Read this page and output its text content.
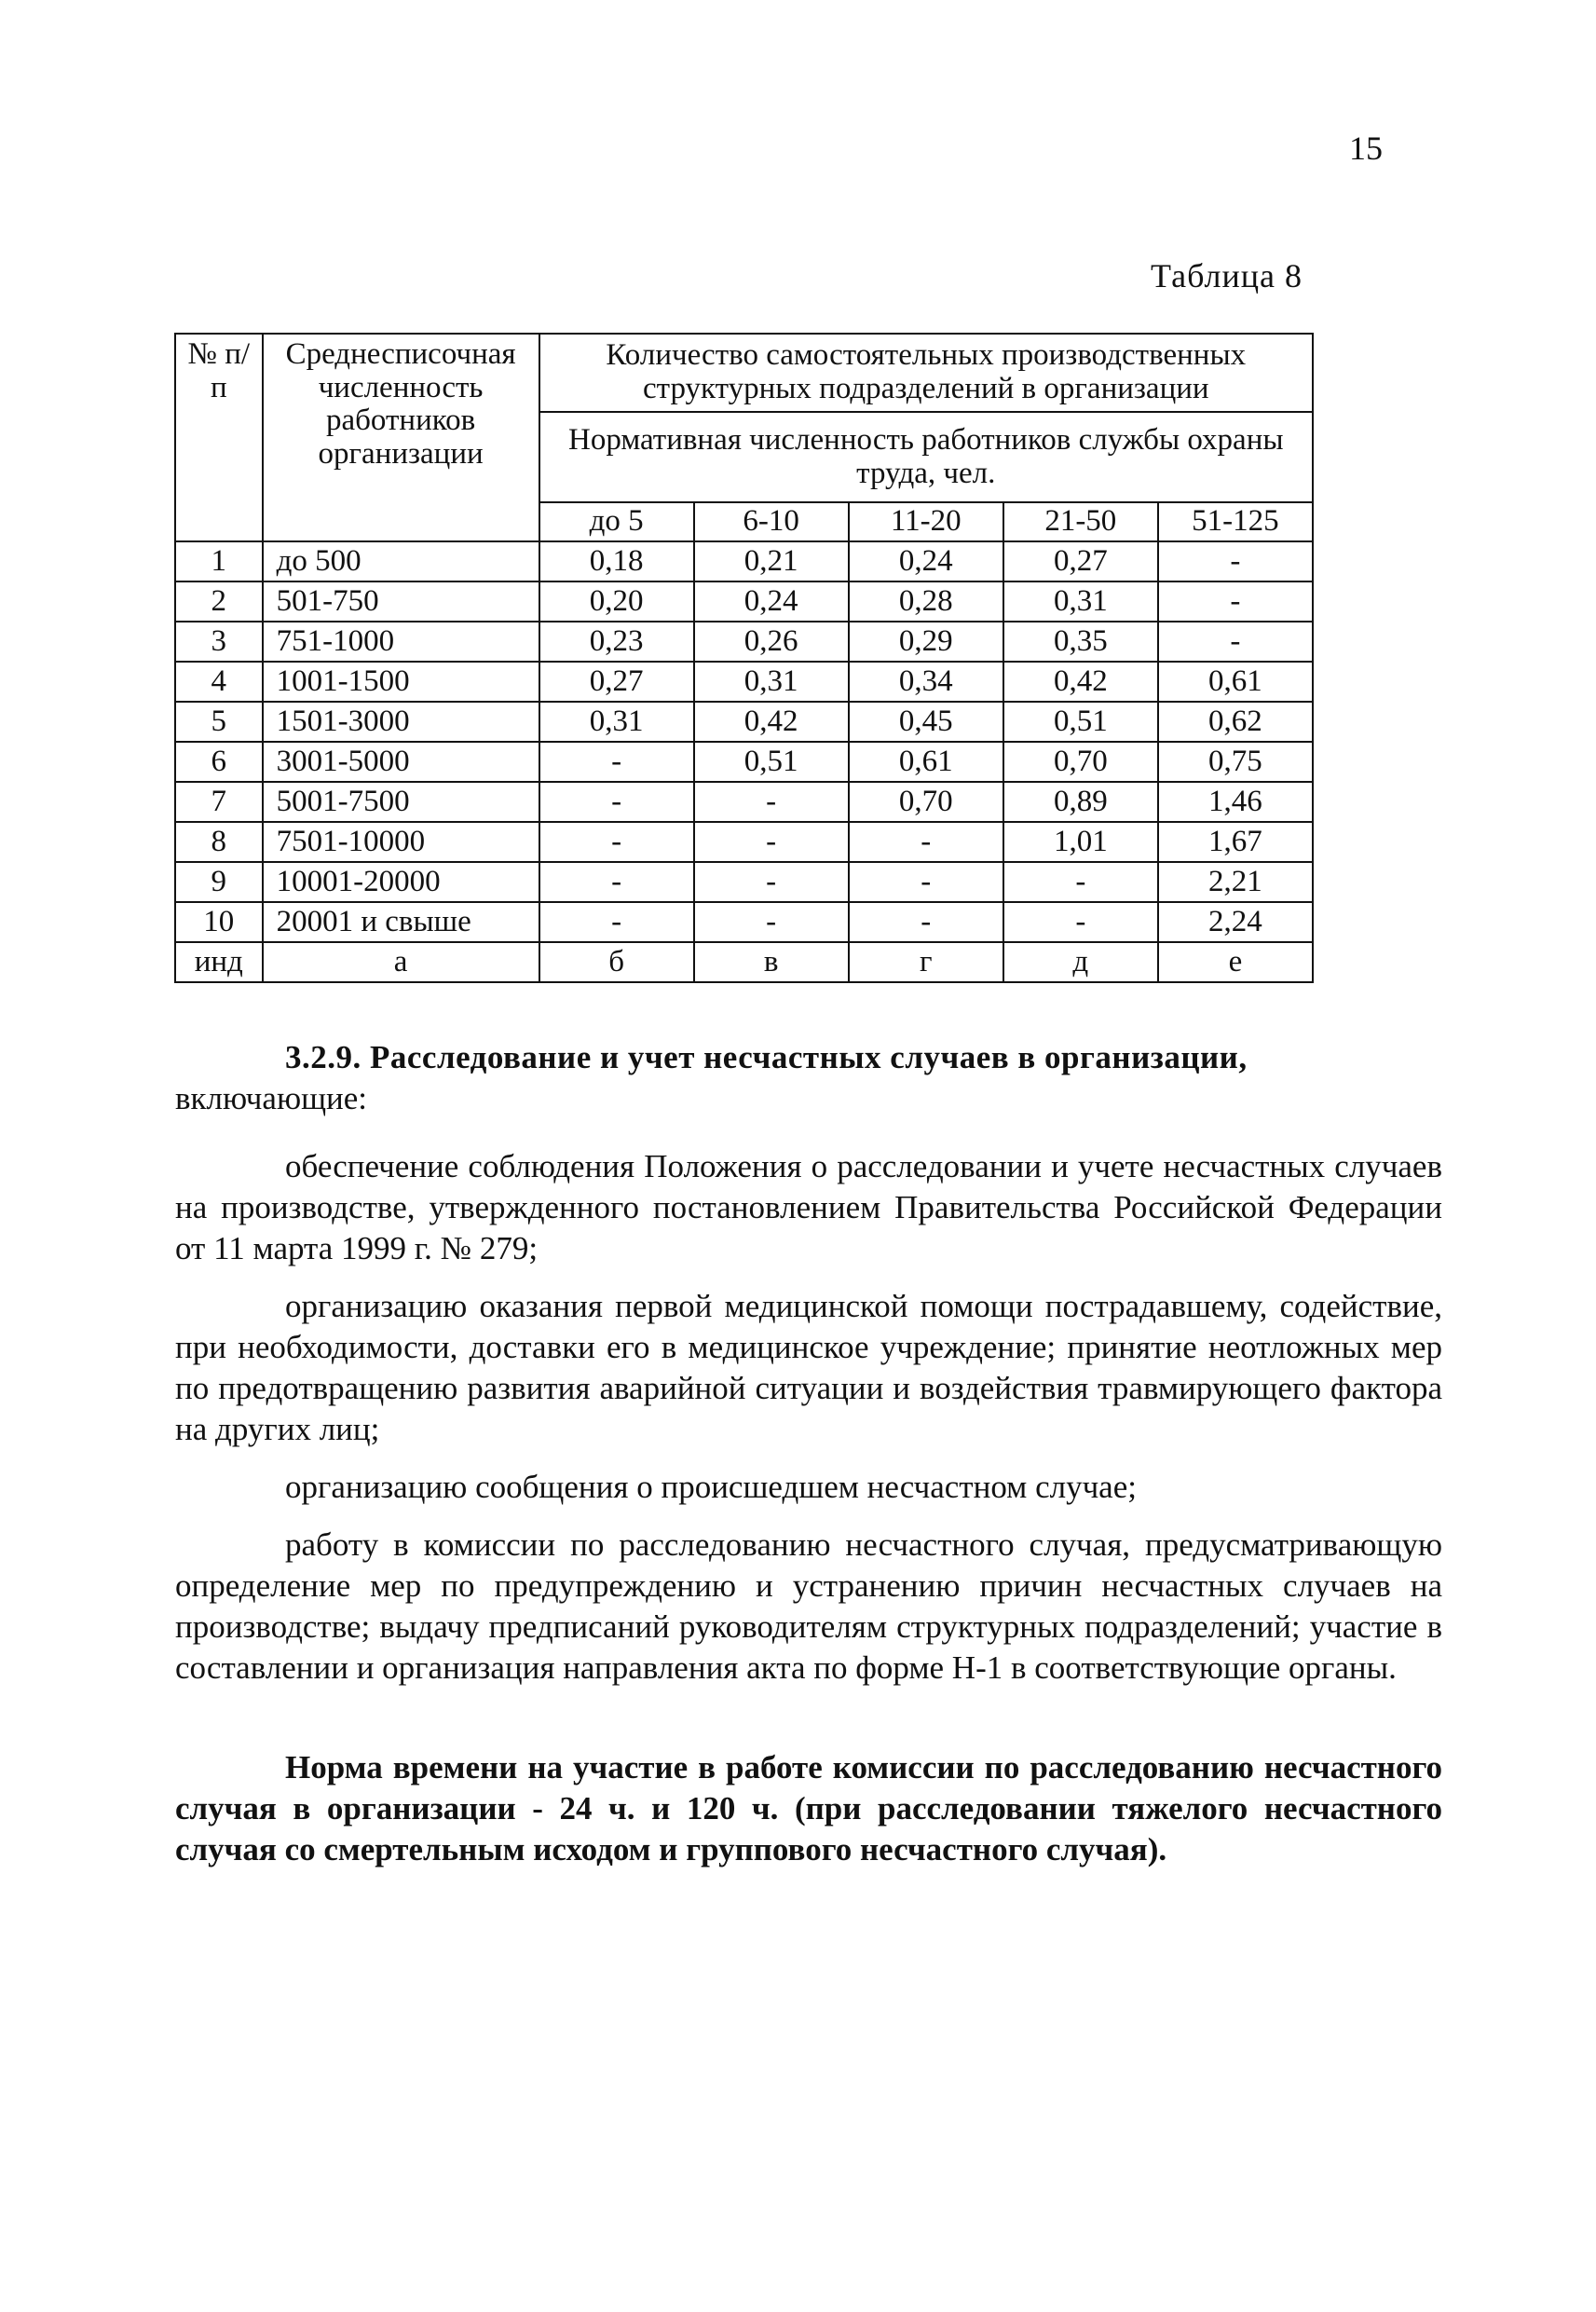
15
Таблица 8
№ п/п	Среднесписочная численность работников организации	Количество самостоятельных производственных структурных подразделений в организации				
		Нормативная численность работников службы охраны труда, чел.				
		до 5	6-10	11-20	21-50	51-125
1	до 500	0,18	0,21	0,24	0,27	-
2	501-750	0,20	0,24	0,28	0,31	-
3	751-1000	0,23	0,26	0,29	0,35	-
4	1001-1500	0,27	0,31	0,34	0,42	0,61
5	1501-3000	0,31	0,42	0,45	0,51	0,62
6	3001-5000	-	0,51	0,61	0,70	0,75
7	5001-7500	-	-	0,70	0,89	1,46
8	7501-10000	-	-	-	1,01	1,67
9	10001-20000	-	-	-	-	2,21
10	20001 и свыше	-	-	-	-	2,24
инд	а	б	в	г	д	е
3.2.9. Расследование и учет несчастных случаев в организации,
включающие:

обеспечение соблюдения Положения о расследовании и учете несчастных случаев на производстве, утвержденного постановлением Правительства Российской Федерации от 11 марта 1999 г. № 279;

организацию оказания первой медицинской помощи пострадавшему, содействие, при необходимости, доставки его в медицинское учреждение; принятие неотложных мер по предотвращению развития аварийной ситуации и воздействия травмирующего фактора на других лиц;

организацию сообщения о происшедшем несчастном случае;

работу в комиссии по расследованию несчастного случая, предусматривающую определение мер по предупреждению и устранению причин несчастных случаев на производстве; выдачу предписаний руководителям структурных подразделений; участие в составлении и организация направления акта по форме Н-1 в соответствующие органы.

Норма времени на участие в работе комиссии по расследованию несчастного случая в организации - 24 ч. и 120 ч. (при расследовании тяжелого несчастного случая со смертельным исходом и группового несчастного случая).
